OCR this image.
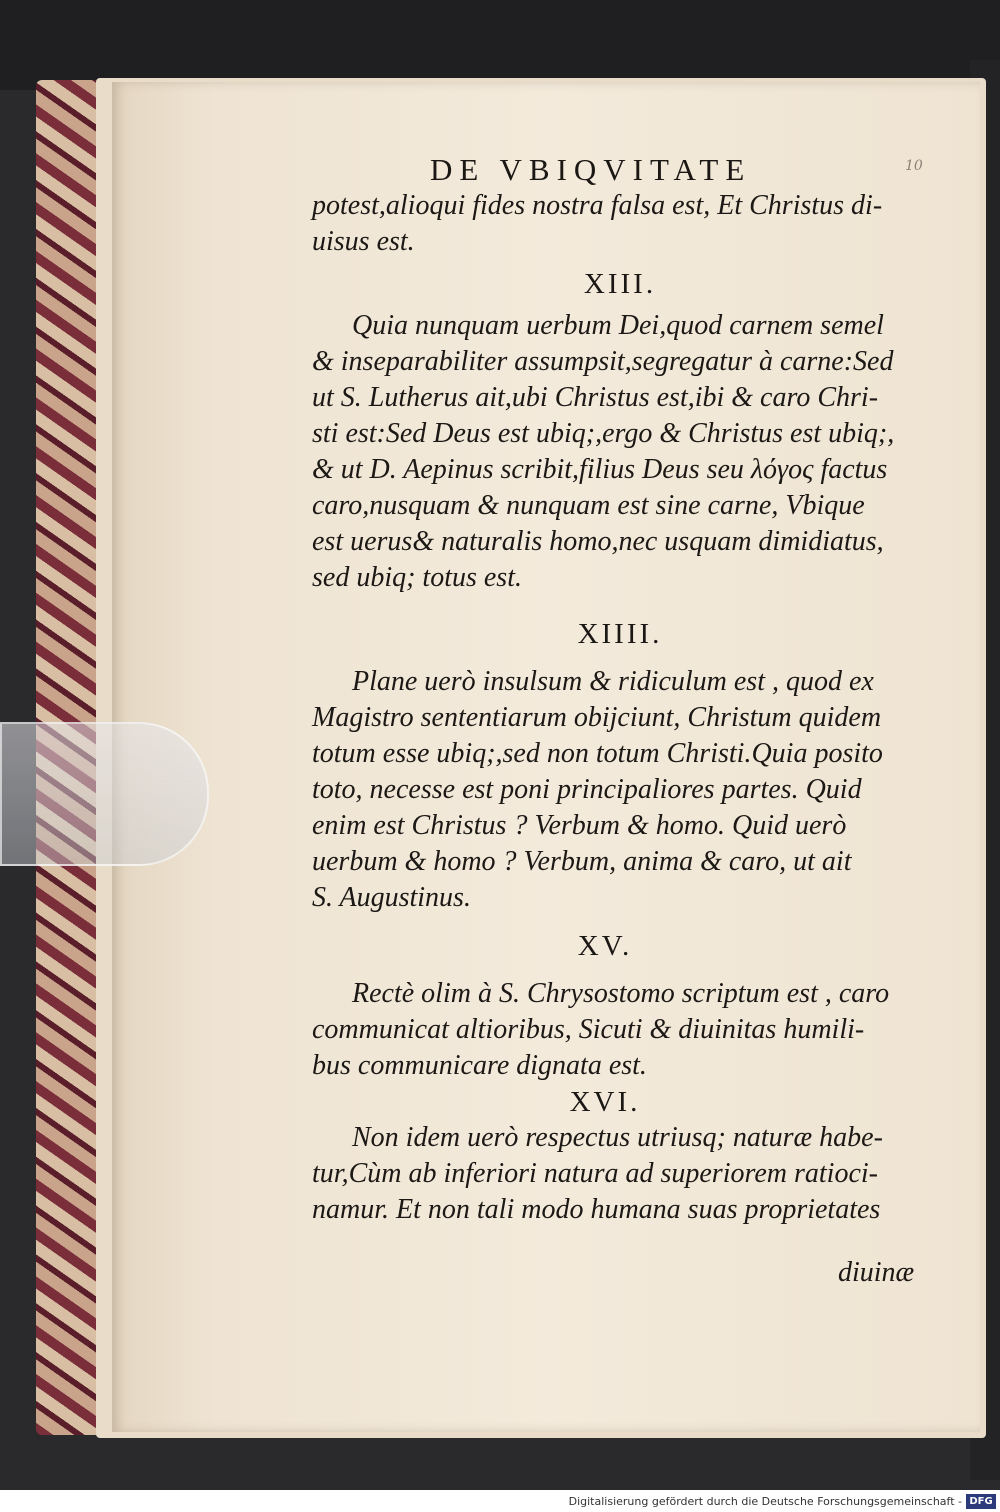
DE VBIQVITATE	10
potest,alioqui fides nostra falsa est, Et Christus di-
uisus est.
XIII.
Quia nunquam uerbum Dei,quod carnem semel
& inseparabiliter assumpsit,segregatur à carne:Sed
ut S. Lutherus ait,ubi Christus est,ibi & caro Chri-
sti est:Sed Deus est ubiq;,ergo & Christus est ubiq;,
& ut D. Aepinus scribit,filius Deus seu λόγος factus
caro,nusquam & nunquam est sine carne, Vbique
est uerus& naturalis homo,nec usquam dimidiatus,
sed ubiq; totus est.
XIIII.
Plane uerò insulsum & ridiculum est , quod ex
Magistro sententiarum obijciunt, Christum quidem
totum esse ubiq;,sed non totum Christi.Quia posito
toto, necesse est poni principaliores partes. Quid
enim est Christus ? Verbum & homo. Quid uerò
uerbum & homo ? Verbum, anima & caro, ut ait
S. Augustinus.
XV.
Rectè olim à S. Chrysostomo scriptum est , caro
communicat altioribus, Sicuti & diuinitas humili-
bus communicare dignata est.
XVI.
Non idem uerò respectus utriusq; naturæ habe-
tur,Cùm ab inferiori natura ad superiorem ratioci-
namur. Et non tali modo humana suas proprietates
diuinæ
Digitalisierung gefördert durch die Deutsche Forschungsgemeinschaft - DFG
